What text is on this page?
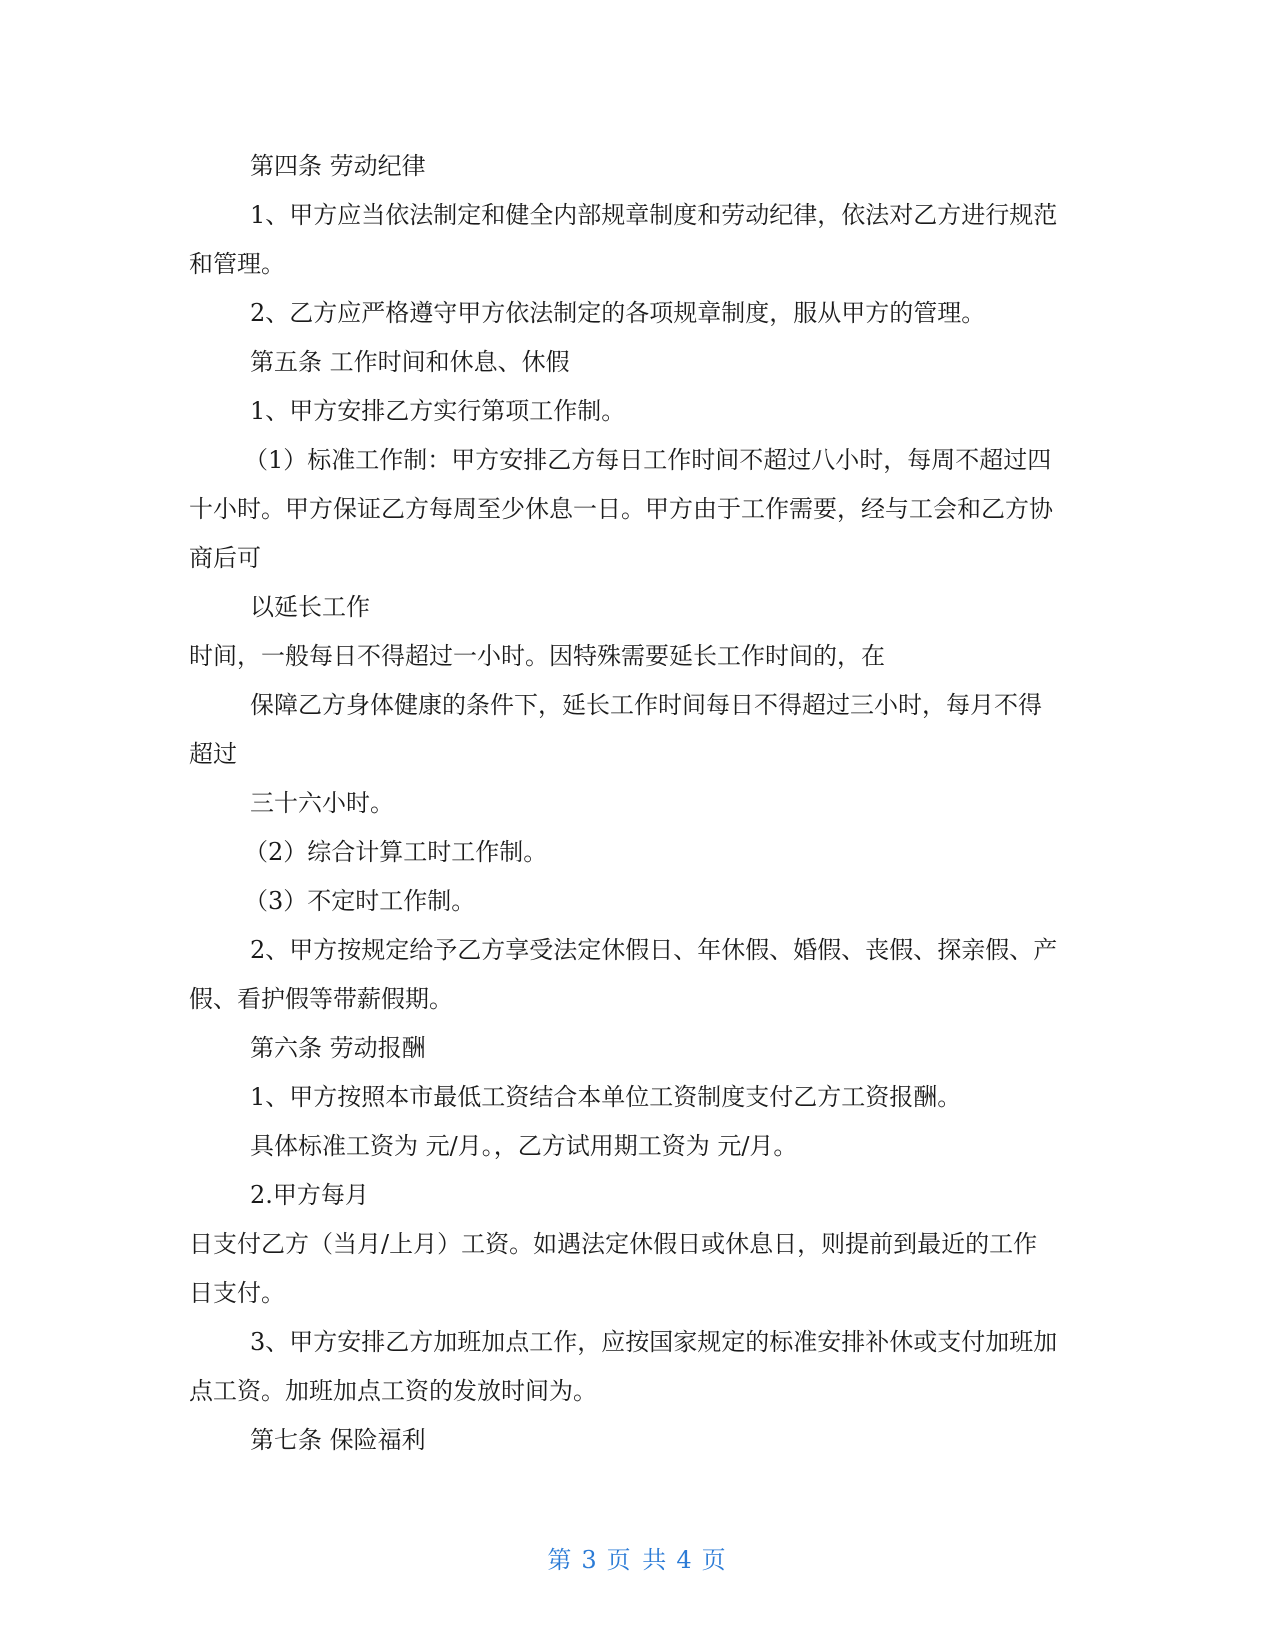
第四条 劳动纪律

1、甲方应当依法制定和健全内部规章制度和劳动纪律，依法对乙方进行规范

和管理。

2、乙方应严格遵守甲方依法制定的各项规章制度，服从甲方的管理。

第五条 工作时间和休息、休假

1、甲方安排乙方实行第项工作制。

（1）标准工作制：甲方安排乙方每日工作时间不超过八小时，每周不超过四

十小时。甲方保证乙方每周至少休息一日。甲方由于工作需要，经与工会和乙方协

商后可

以延长工作

时间，一般每日不得超过一小时。因特殊需要延长工作时间的，在

保障乙方身体健康的条件下，延长工作时间每日不得超过三小时，每月不得

超过

三十六小时。

（2）综合计算工时工作制。

（3）不定时工作制。

2、甲方按规定给予乙方享受法定休假日、年休假、婚假、丧假、探亲假、产

假、看护假等带薪假期。

第六条 劳动报酬

1、甲方按照本市最低工资结合本单位工资制度支付乙方工资报酬。

具体标准工资为 元/月。，乙方试用期工资为 元/月。

2.甲方每月

日支付乙方（当月/上月）工资。如遇法定休假日或休息日，则提前到最近的工作

日支付。

3、甲方安排乙方加班加点工作，应按国家规定的标准安排补休或支付加班加

点工资。加班加点工资的发放时间为。

第七条 保险福利

第 3 页 共 4 页
